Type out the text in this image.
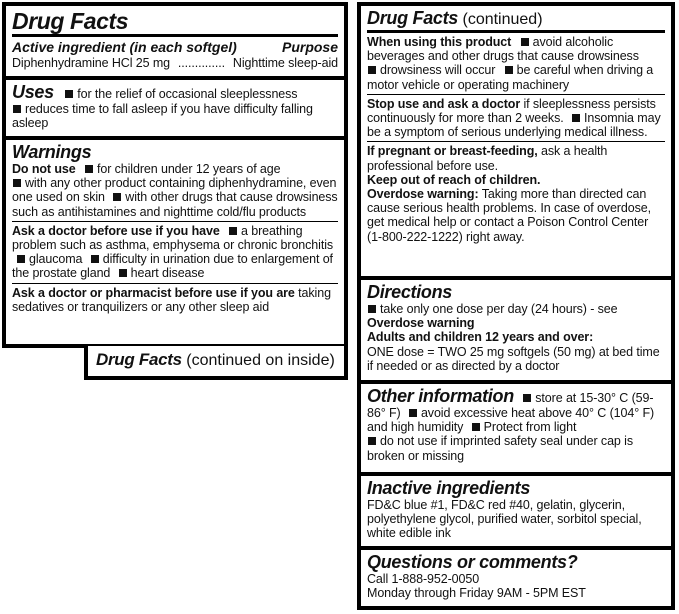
Drug Facts
Active ingredient (in each softgel)	Purpose
Diphenhydramine HCl 25 mg .............. Nighttime sleep-aid
Uses for the relief of occasional sleeplessness
reduces time to fall asleep if you have difficulty falling asleep
Warnings
Do not use for children under 12 years of age
with any other product containing diphenhydramine, even one used on skin with other drugs that cause drowsiness such as antihistamines and nighttime cold/flu products
Ask a doctor before use if you have a breathing problem such as asthma, emphysema or chronic bronchitis glaucoma difficulty in urination due to enlargement of the prostate gland heart disease
Ask a doctor or pharmacist before use if you are taking sedatives or tranquilizers or any other sleep aid
Drug Facts (continued on inside)
Drug Facts (continued)
When using this product avoid alcoholic beverages and other drugs that cause drowsiness
drowsiness will occur be careful when driving a motor vehicle or operating machinery
Stop use and ask a doctor if sleeplessness persists continuously for more than 2 weeks. Insomnia may be a symptom of serious underlying medical illness.
If pregnant or breast-feeding, ask a health professional before use.
Keep out of reach of children.
Overdose warning: Taking more than directed can cause serious health problems. In case of overdose, get medical help or contact a Poison Control Center (1-800-222-1222) right away.
Directions
take only one dose per day (24 hours) - see
Overdose warning
Adults and children 12 years and over:
ONE dose = TWO 25 mg softgels (50 mg) at bed time if needed or as directed by a doctor
Other information store at 15-30° C (59-86° F) avoid excessive heat above 40° C (104° F) and high humidity Protect from light
do not use if imprinted safety seal under cap is broken or missing
Inactive ingredients
FD&C blue #1, FD&C red #40, gelatin, glycerin, polyethylene glycol, purified water, sorbitol special, white edible ink
Questions or comments?
Call 1-888-952-0050
Monday through Friday 9AM - 5PM EST
